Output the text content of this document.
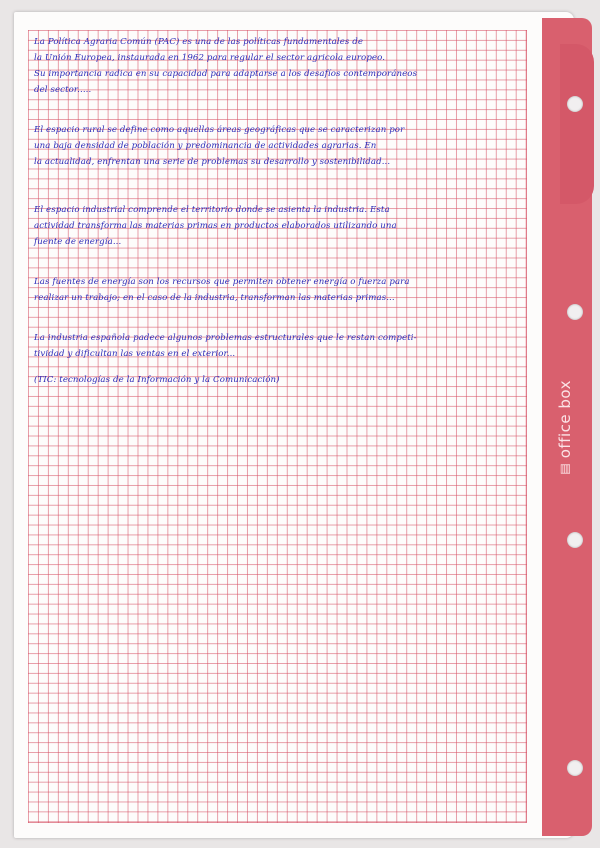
office box
▤
La Política Agraria Común (PAC) es una de las políticas fundamentales de
la Unión Europea, instaurada en 1962 para regular el sector agricola europeo.
Su importancia radica en su capacidad para adaptarse a los desafíos contemporáneos
del sector.....
El espacio rural se define como aquellas áreas geográficas que se caracterizan por
una baja densidad de población y predominancia de actividades agrarias. En
la actualidad, enfrentan una serie de problemas su desarrollo y sostenibilidad...
El espacio industrial comprende el territorio donde se asienta la industria. Esta
actividad transforma las materias primas en productos elaborados utilizando una
fuente de energía...
Las fuentes de energía son los recursos que permiten obtener energía o fuerza para
realizar un trabajo; en el caso de la industria, transforman las materias primas...
La industria española padece algunos problemas estructurales que le restan competi-
tividad y dificultan las ventas en el exterior...
(TIC: tecnologías de la Información y la Comunicación)
